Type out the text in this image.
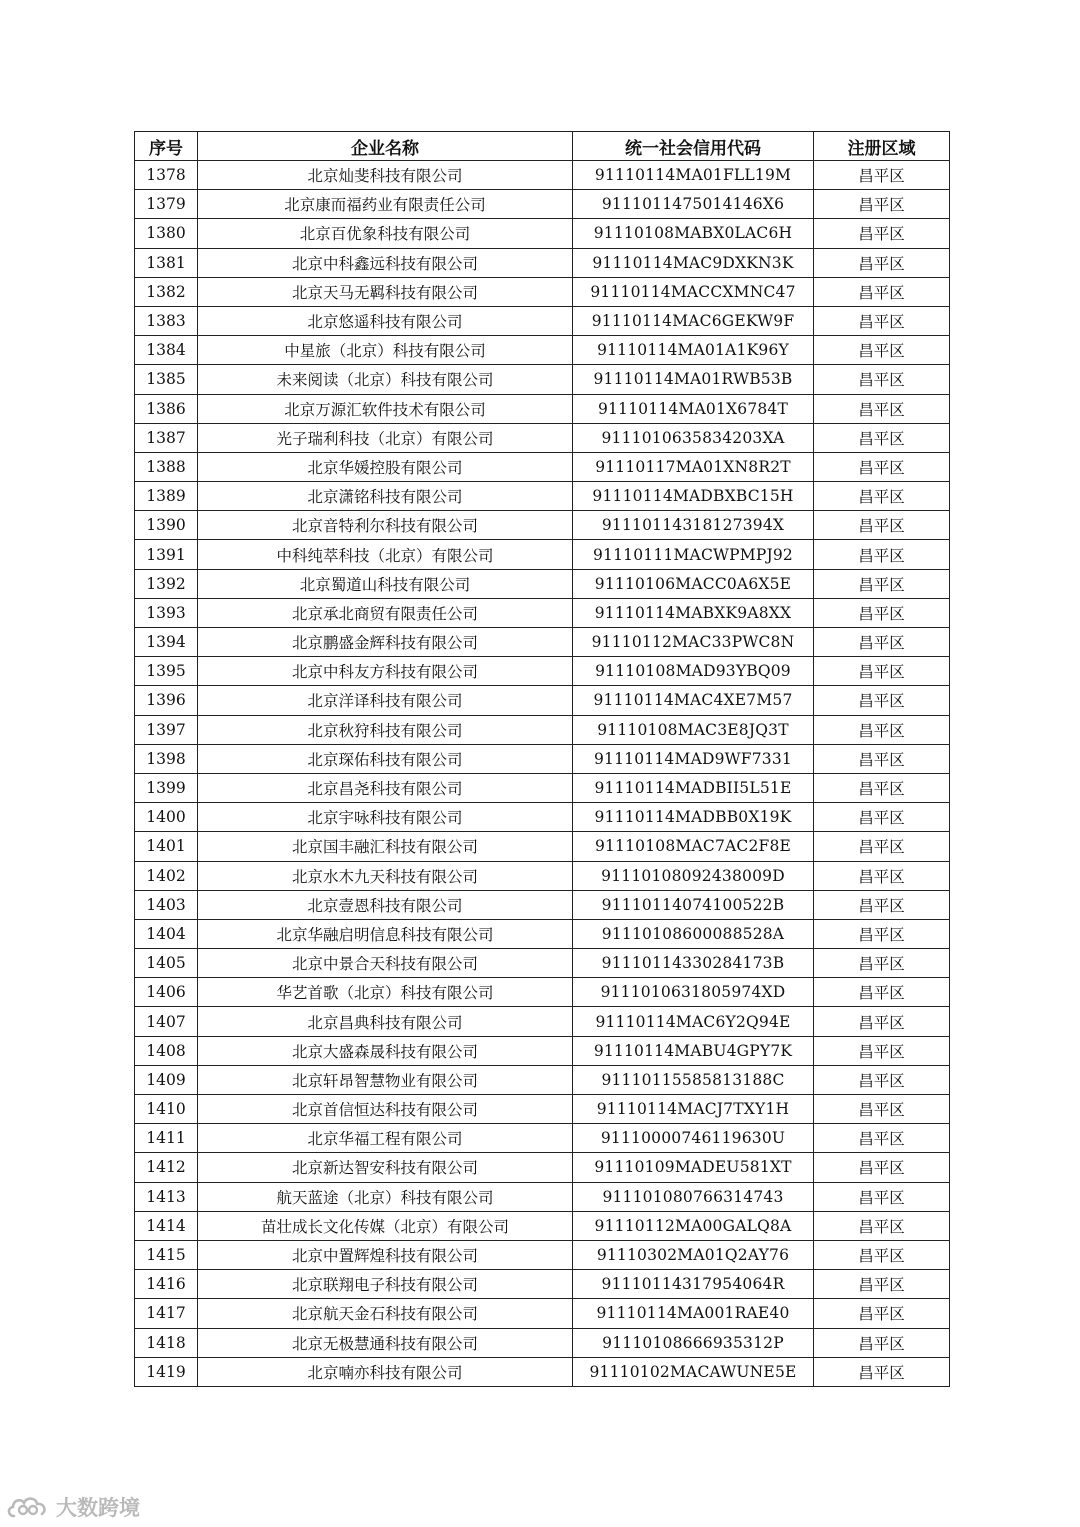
序号	企业名称	统一社会信用代码	注册区域
1378	北京灿斐科技有限公司	91110114MA01FLL19M	昌平区
1379	北京康而福药业有限责任公司	9111011475014146X6	昌平区
1380	北京百优象科技有限公司	91110108MABX0LAC6H	昌平区
1381	北京中科鑫远科技有限公司	91110114MAC9DXKN3K	昌平区
1382	北京天马无羁科技有限公司	91110114MACCXMNC47	昌平区
1383	北京悠遥科技有限公司	91110114MAC6GEKW9F	昌平区
1384	中星旅（北京）科技有限公司	91110114MA01A1K96Y	昌平区
1385	未来阅读（北京）科技有限公司	91110114MA01RWB53B	昌平区
1386	北京万源汇软件技术有限公司	91110114MA01X6784T	昌平区
1387	光子瑞利科技（北京）有限公司	9111010635834203XA	昌平区
1388	北京华媛控股有限公司	91110117MA01XN8R2T	昌平区
1389	北京潇铭科技有限公司	91110114MADBXBC15H	昌平区
1390	北京音特利尔科技有限公司	91110114318127394X	昌平区
1391	中科纯萃科技（北京）有限公司	91110111MACWPMPJ92	昌平区
1392	北京蜀道山科技有限公司	91110106MACC0A6X5E	昌平区
1393	北京承北商贸有限责任公司	91110114MABXK9A8XX	昌平区
1394	北京鹏盛金辉科技有限公司	91110112MAC33PWC8N	昌平区
1395	北京中科友方科技有限公司	91110108MAD93YBQ09	昌平区
1396	北京洋译科技有限公司	91110114MAC4XE7M57	昌平区
1397	北京秋狩科技有限公司	91110108MAC3E8JQ3T	昌平区
1398	北京琛佑科技有限公司	91110114MAD9WF7331	昌平区
1399	北京昌尧科技有限公司	91110114MADBII5L51E	昌平区
1400	北京宇咏科技有限公司	91110114MADBB0X19K	昌平区
1401	北京国丰融汇科技有限公司	91110108MAC7AC2F8E	昌平区
1402	北京水木九天科技有限公司	91110108092438009D	昌平区
1403	北京壹恩科技有限公司	91110114074100522B	昌平区
1404	北京华融启明信息科技有限公司	91110108600088528A	昌平区
1405	北京中景合天科技有限公司	91110114330284173B	昌平区
1406	华艺首歌（北京）科技有限公司	9111010631805974XD	昌平区
1407	北京昌典科技有限公司	91110114MAC6Y2Q94E	昌平区
1408	北京大盛森晟科技有限公司	91110114MABU4GPY7K	昌平区
1409	北京轩昂智慧物业有限公司	91110115585813188C	昌平区
1410	北京首信恒达科技有限公司	91110114MACJ7TXY1H	昌平区
1411	北京华福工程有限公司	91110000746119630U	昌平区
1412	北京新达智安科技有限公司	91110109MADEU581XT	昌平区
1413	航天蓝途（北京）科技有限公司	911101080766314743	昌平区
1414	苗壮成长文化传媒（北京）有限公司	91110112MA00GALQ8A	昌平区
1415	北京中置辉煌科技有限公司	91110302MA01Q2AY76	昌平区
1416	北京联翔电子科技有限公司	91110114317954064R	昌平区
1417	北京航天金石科技有限公司	91110114MA001RAE40	昌平区
1418	北京无极慧通科技有限公司	91110108666935312P	昌平区
1419	北京喃亦科技有限公司	91110102MACAWUNE5E	昌平区
大数跨境
